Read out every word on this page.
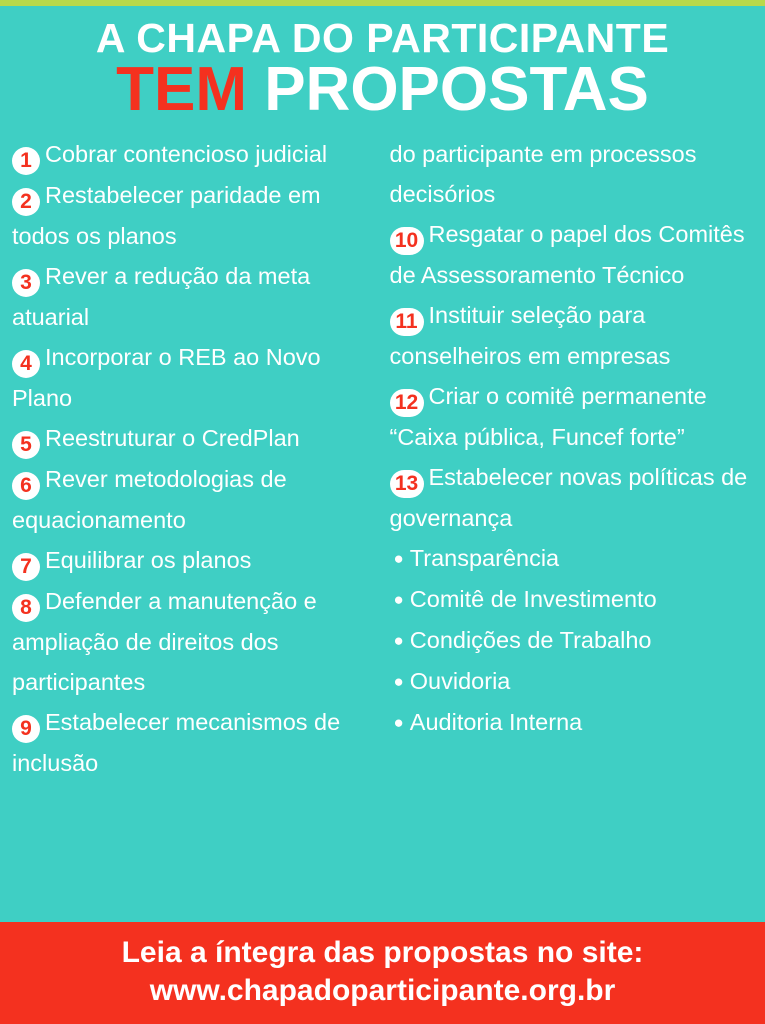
A CHAPA DO PARTICIPANTE
TEM PROPOSTAS
1 Cobrar contencioso judicial
2 Restabelecer paridade em todos os planos
3 Rever a redução da meta atuarial
4 Incorporar o REB ao Novo Plano
5 Reestruturar o CredPlan
6 Rever metodologias de equacionamento
7 Equilibrar os planos
8 Defender a manutenção e ampliação de direitos dos participantes
9 Estabelecer mecanismos de inclusão
do participante em processos decisórios
10 Resgatar o papel dos Comitês de Assessoramento Técnico
11 Instituir seleção para conselheiros em empresas
12 Criar o comitê permanente “Caixa pública, Funcef forte”
13 Estabelecer novas políticas de governança
● Transparência
● Comitê de Investimento
● Condições de Trabalho
● Ouvidoria
● Auditoria Interna
Leia a íntegra das propostas no site:
www.chapadoparticipante.org.br
